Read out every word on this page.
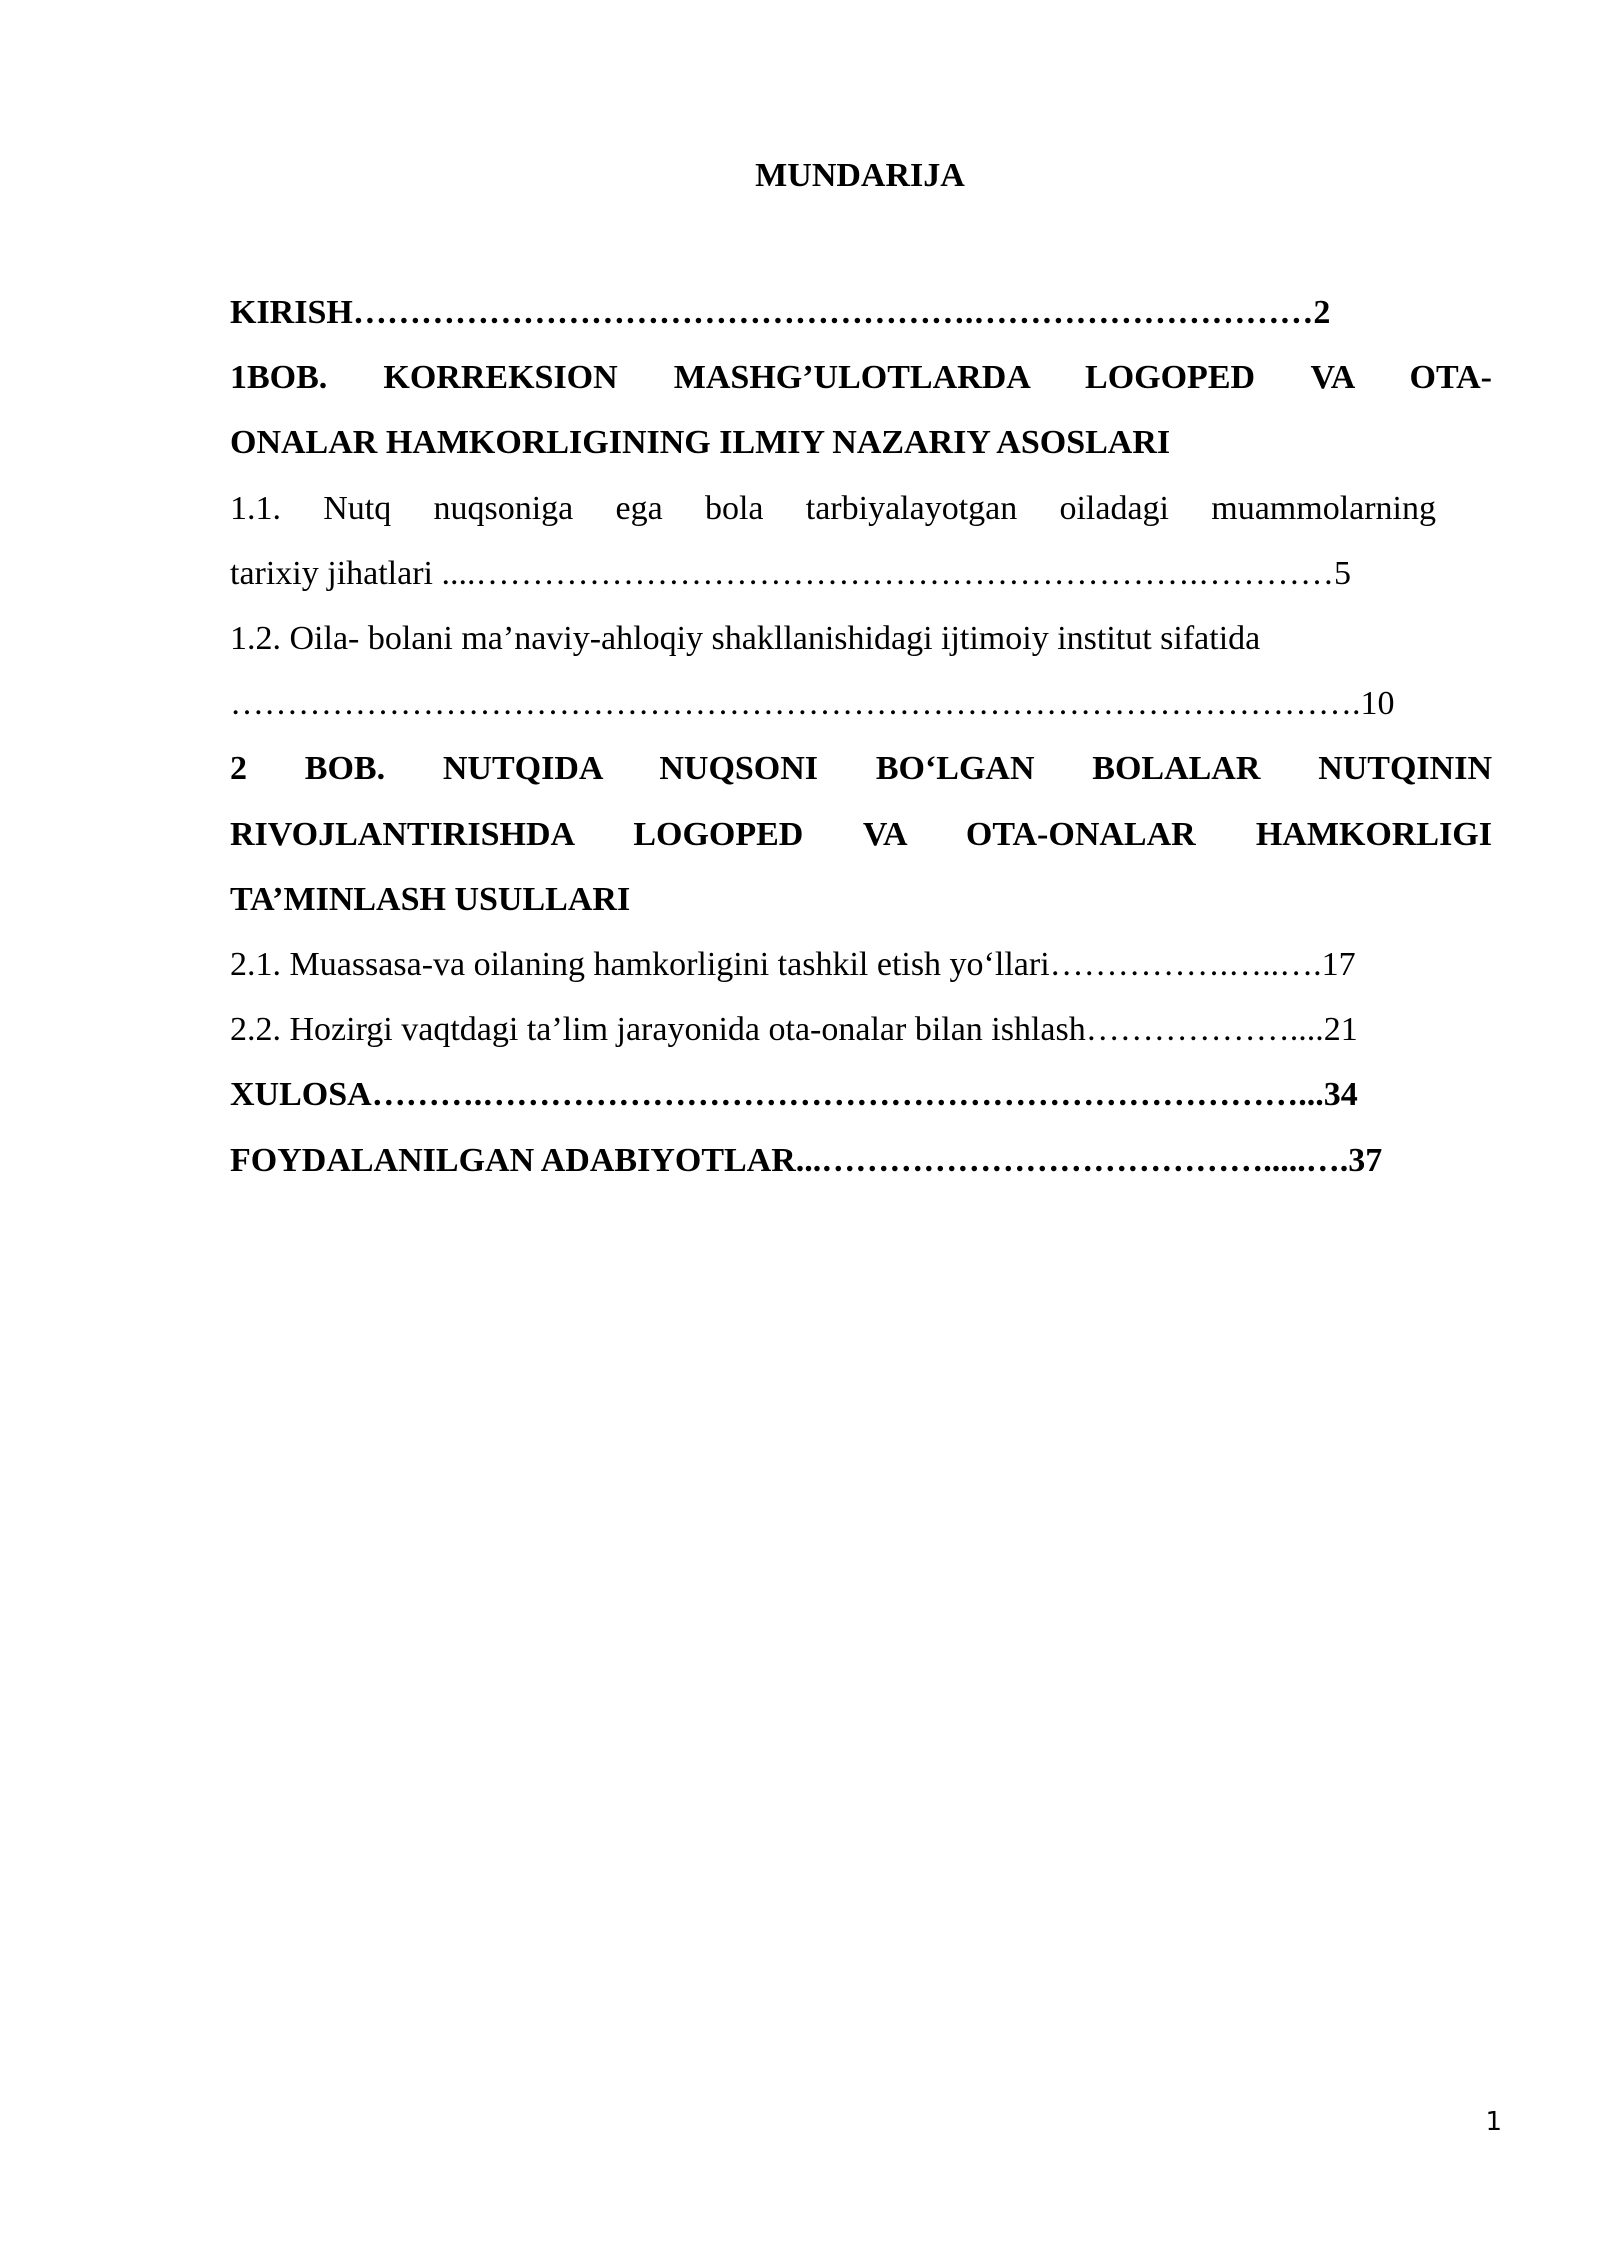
MUNDARIJA
KIRISH……………………………………………….…………………………2
1BOB. KORREKSION MASHG’ULOTLARDA LOGOPED VA OTA-
ONALAR HAMKORLIGINING ILMIY NAZARIY ASOSLARI
1.1. Nutq nuqsoniga ega bola tarbiyalayotgan oiladagi muammolarning
tarixiy jihatlari ....……………………………………………………….…………5
1.2. Oila- bolani ma’naviy-ahloqiy shakllanishidagi ijtimoiy institut sifatida
……………………………………………………………………………………….10
2 BOB. NUTQIDA NUQSONI BO‘LGAN BOLALAR NUTQININ
RIVOJLANTIRISHDA LOGOPED VA OTA-ONALAR HAMKORLIGI
TA’MINLASH USULLARI
2.1. Muassasa-va oilaning hamkorligini tashkil etish yo‘llari…………….…..….17
2.2. Hozirgi vaqtdagi ta’lim jarayonida ota-onalar bilan ishlash………………....21
XULOSA……….………………………………………………………………...34
FOYDALANILGAN ADABIYOTLAR...………………………………….....….37
1
